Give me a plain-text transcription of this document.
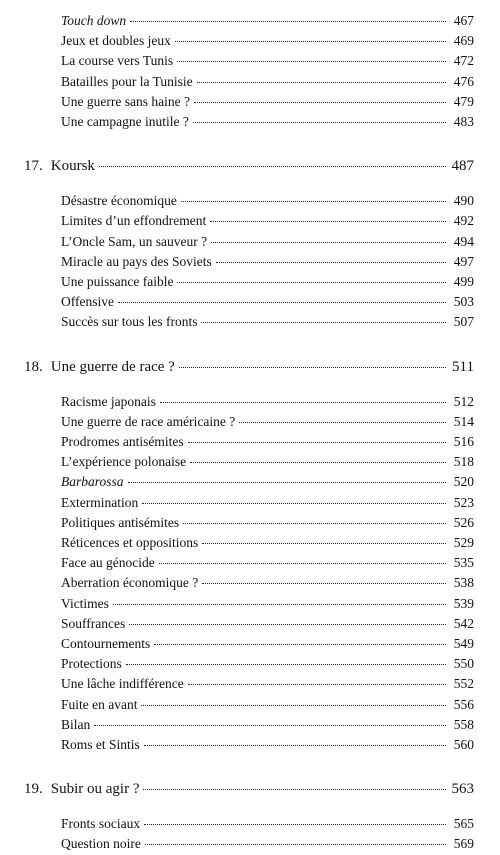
Touch down	467
Jeux et doubles jeux	469
La course vers Tunis	472
Batailles pour la Tunisie	476
Une guerre sans haine ?	479
Une campagne inutile ?	483
17. Koursk	487
Désastre économique	490
Limites d’un effondrement	492
L’Oncle Sam, un sauveur ?	494
Miracle au pays des Soviets	497
Une puissance faible	499
Offensive	503
Succès sur tous les fronts	507
18. Une guerre de race ?	511
Racisme japonais	512
Une guerre de race américaine ?	514
Prodromes antisémites	516
L’expérience polonaise	518
Barbarossa	520
Extermination	523
Politiques antisémites	526
Réticences et oppositions	529
Face au génocide	535
Aberration économique ?	538
Victimes	539
Souffrances	542
Contournements	549
Protections	550
Une lâche indifférence	552
Fuite en avant	556
Bilan	558
Roms et Sintis	560
19. Subir ou agir ?	563
Fronts sociaux	565
Question noire	569
